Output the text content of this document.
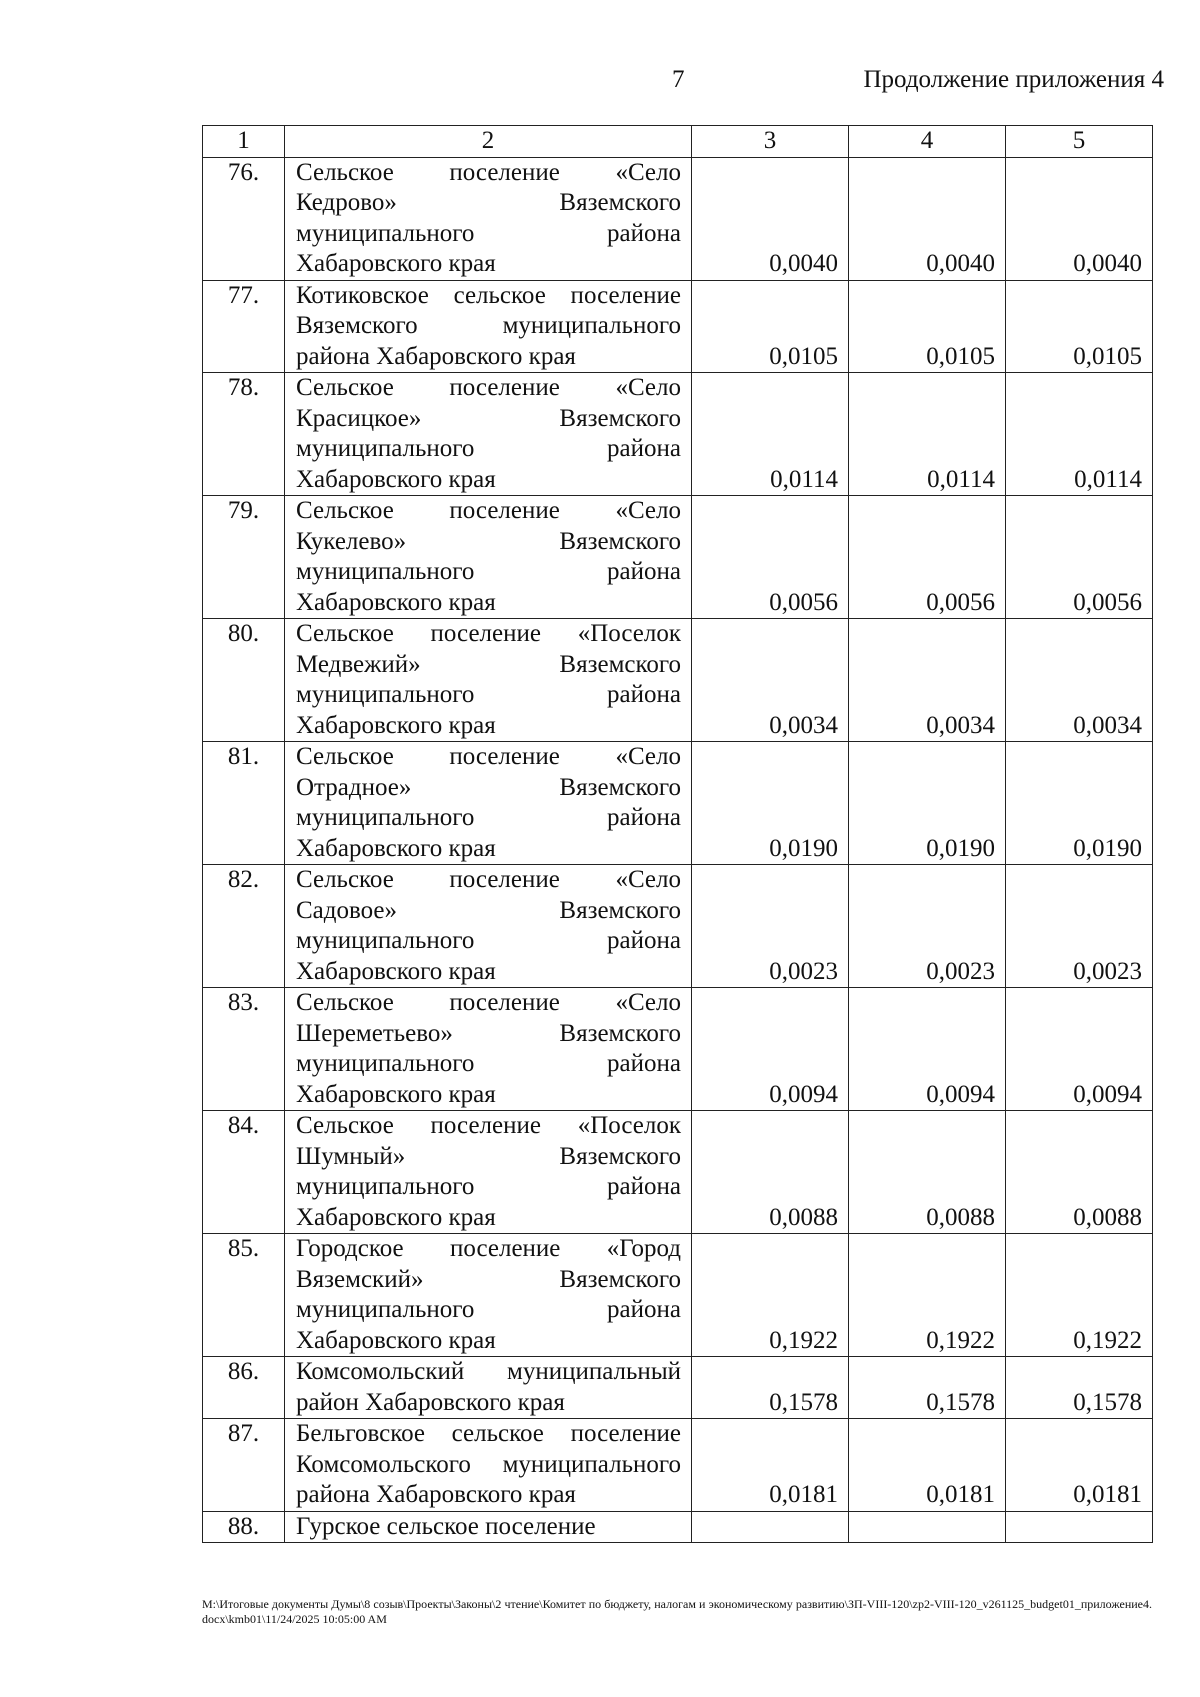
7	Продолжение приложения 4
1	2	3	4	5
76.	Сельское поселение «Село Кедрово» Вяземского муниципального района Хабаровского края	0,0040	0,0040	0,0040
77.	Котиковское сельское поселение Вяземского муниципального района Хабаровского края	0,0105	0,0105	0,0105
78.	Сельское поселение «Село Красицкое» Вяземского муниципального района Хабаровского края	0,0114	0,0114	0,0114
79.	Сельское поселение «Село Кукелево» Вяземского муниципального района Хабаровского края	0,0056	0,0056	0,0056
80.	Сельское поселение «Поселок Медвежий» Вяземского муниципального района Хабаровского края	0,0034	0,0034	0,0034
81.	Сельское поселение «Село Отрадное» Вяземского муниципального района Хабаровского края	0,0190	0,0190	0,0190
82.	Сельское поселение «Село Садовое» Вяземского муниципального района Хабаровского края	0,0023	0,0023	0,0023
83.	Сельское поселение «Село Шереметьево» Вяземского муниципального района Хабаровского края	0,0094	0,0094	0,0094
84.	Сельское поселение «Поселок Шумный» Вяземского муниципального района Хабаровского края	0,0088	0,0088	0,0088
85.	Городское поселение «Город Вяземский» Вяземского муниципального района Хабаровского края	0,1922	0,1922	0,1922
86.	Комсомольский муниципальный район Хабаровского края	0,1578	0,1578	0,1578
87.	Бельговское сельское поселение Комсомольского муниципального района Хабаровского края	0,0181	0,0181	0,0181
88.	Гурское сельское поселение			
М:\Итоговые документы Думы\8 созыв\Проекты\Законы\2 чтение\Комитет по бюджету, налогам и экономическому развитию\ЗП-VIII-120\zp2-VIII-120_v261125_budget01_приложение4.docx\kmb01\11/24/2025 10:05:00 AM
